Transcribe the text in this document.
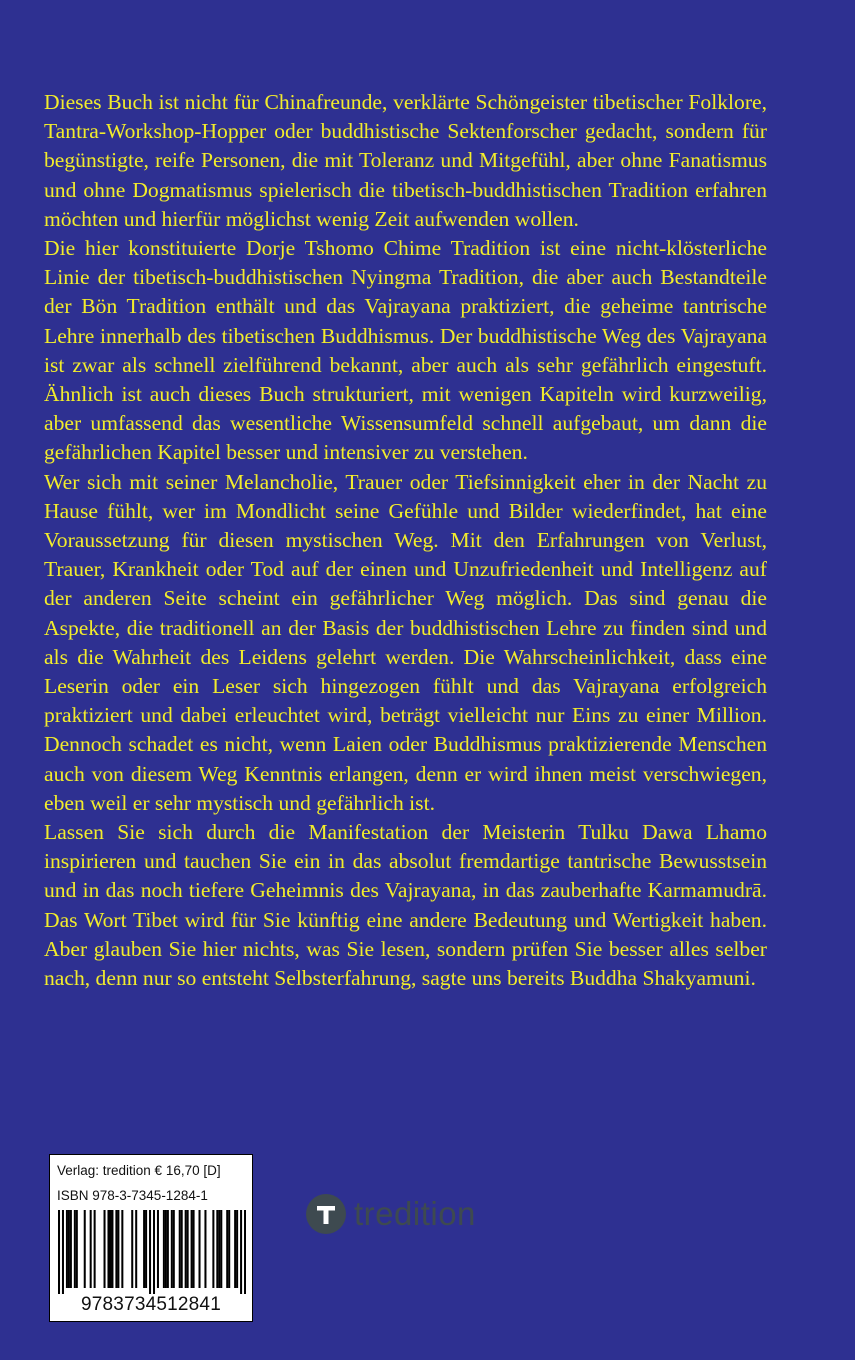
Dieses Buch ist nicht für Chinafreunde, verklärte Schöngeister tibetischer Folklore, Tantra-Workshop-Hopper oder buddhistische Sektenforscher gedacht, sondern für begünstigte, reife Personen, die mit Toleranz und Mitgefühl, aber ohne Fanatismus und ohne Dogmatismus spielerisch die tibetisch-buddhistischen Tradition erfahren möchten und hierfür möglichst wenig Zeit aufwenden wollen.

Die hier konstituierte Dorje Tshomo Chime Tradition ist eine nicht-klösterliche Linie der tibetisch-buddhistischen Nyingma Tradition, die aber auch Bestandteile der Bön Tradition enthält und das Vajrayana praktiziert, die geheime tantrische Lehre innerhalb des tibetischen Buddhismus. Der buddhistische Weg des Vajrayana ist zwar als schnell zielführend bekannt, aber auch als sehr gefährlich eingestuft. Ähnlich ist auch dieses Buch strukturiert, mit wenigen Kapiteln wird kurzweilig, aber umfassend das wesentliche Wissensumfeld schnell aufgebaut, um dann die gefährlichen Kapitel besser und intensiver zu verstehen.

Wer sich mit seiner Melancholie, Trauer oder Tiefsinnigkeit eher in der Nacht zu Hause fühlt, wer im Mondlicht seine Gefühle und Bilder wiederfindet, hat eine Voraussetzung für diesen mystischen Weg. Mit den Erfahrungen von Verlust, Trauer, Krankheit oder Tod auf der einen und Unzufriedenheit und Intelligenz auf der anderen Seite scheint ein gefährlicher Weg möglich. Das sind genau die Aspekte, die traditionell an der Basis der buddhistischen Lehre zu finden sind und als die Wahrheit des Leidens gelehrt werden. Die Wahrscheinlichkeit, dass eine Leserin oder ein Leser sich hingezogen fühlt und das Vajrayana erfolgreich praktiziert und dabei erleuchtet wird, beträgt vielleicht nur Eins zu einer Million. Dennoch schadet es nicht, wenn Laien oder Buddhismus praktizierende Menschen auch von diesem Weg Kenntnis erlangen, denn er wird ihnen meist verschwiegen, eben weil er sehr mystisch und gefährlich ist.

Lassen Sie sich durch die Manifestation der Meisterin Tulku Dawa Lhamo inspirieren und tauchen Sie ein in das absolut fremdartige tantrische Bewusstsein und in das noch tiefere Geheimnis des Vajrayana, in das zauberhafte Karmamudrā. Das Wort Tibet wird für Sie künftig eine andere Bedeutung und Wertigkeit haben. Aber glauben Sie hier nichts, was Sie lesen, sondern prüfen Sie besser alles selber nach, denn nur so entsteht Selbsterfahrung, sagte uns bereits Buddha Shakyamuni.

Verlag: tredition € 16,70 [D]
ISBN 978-3-7345-1284-1
9783734512841
tredition
